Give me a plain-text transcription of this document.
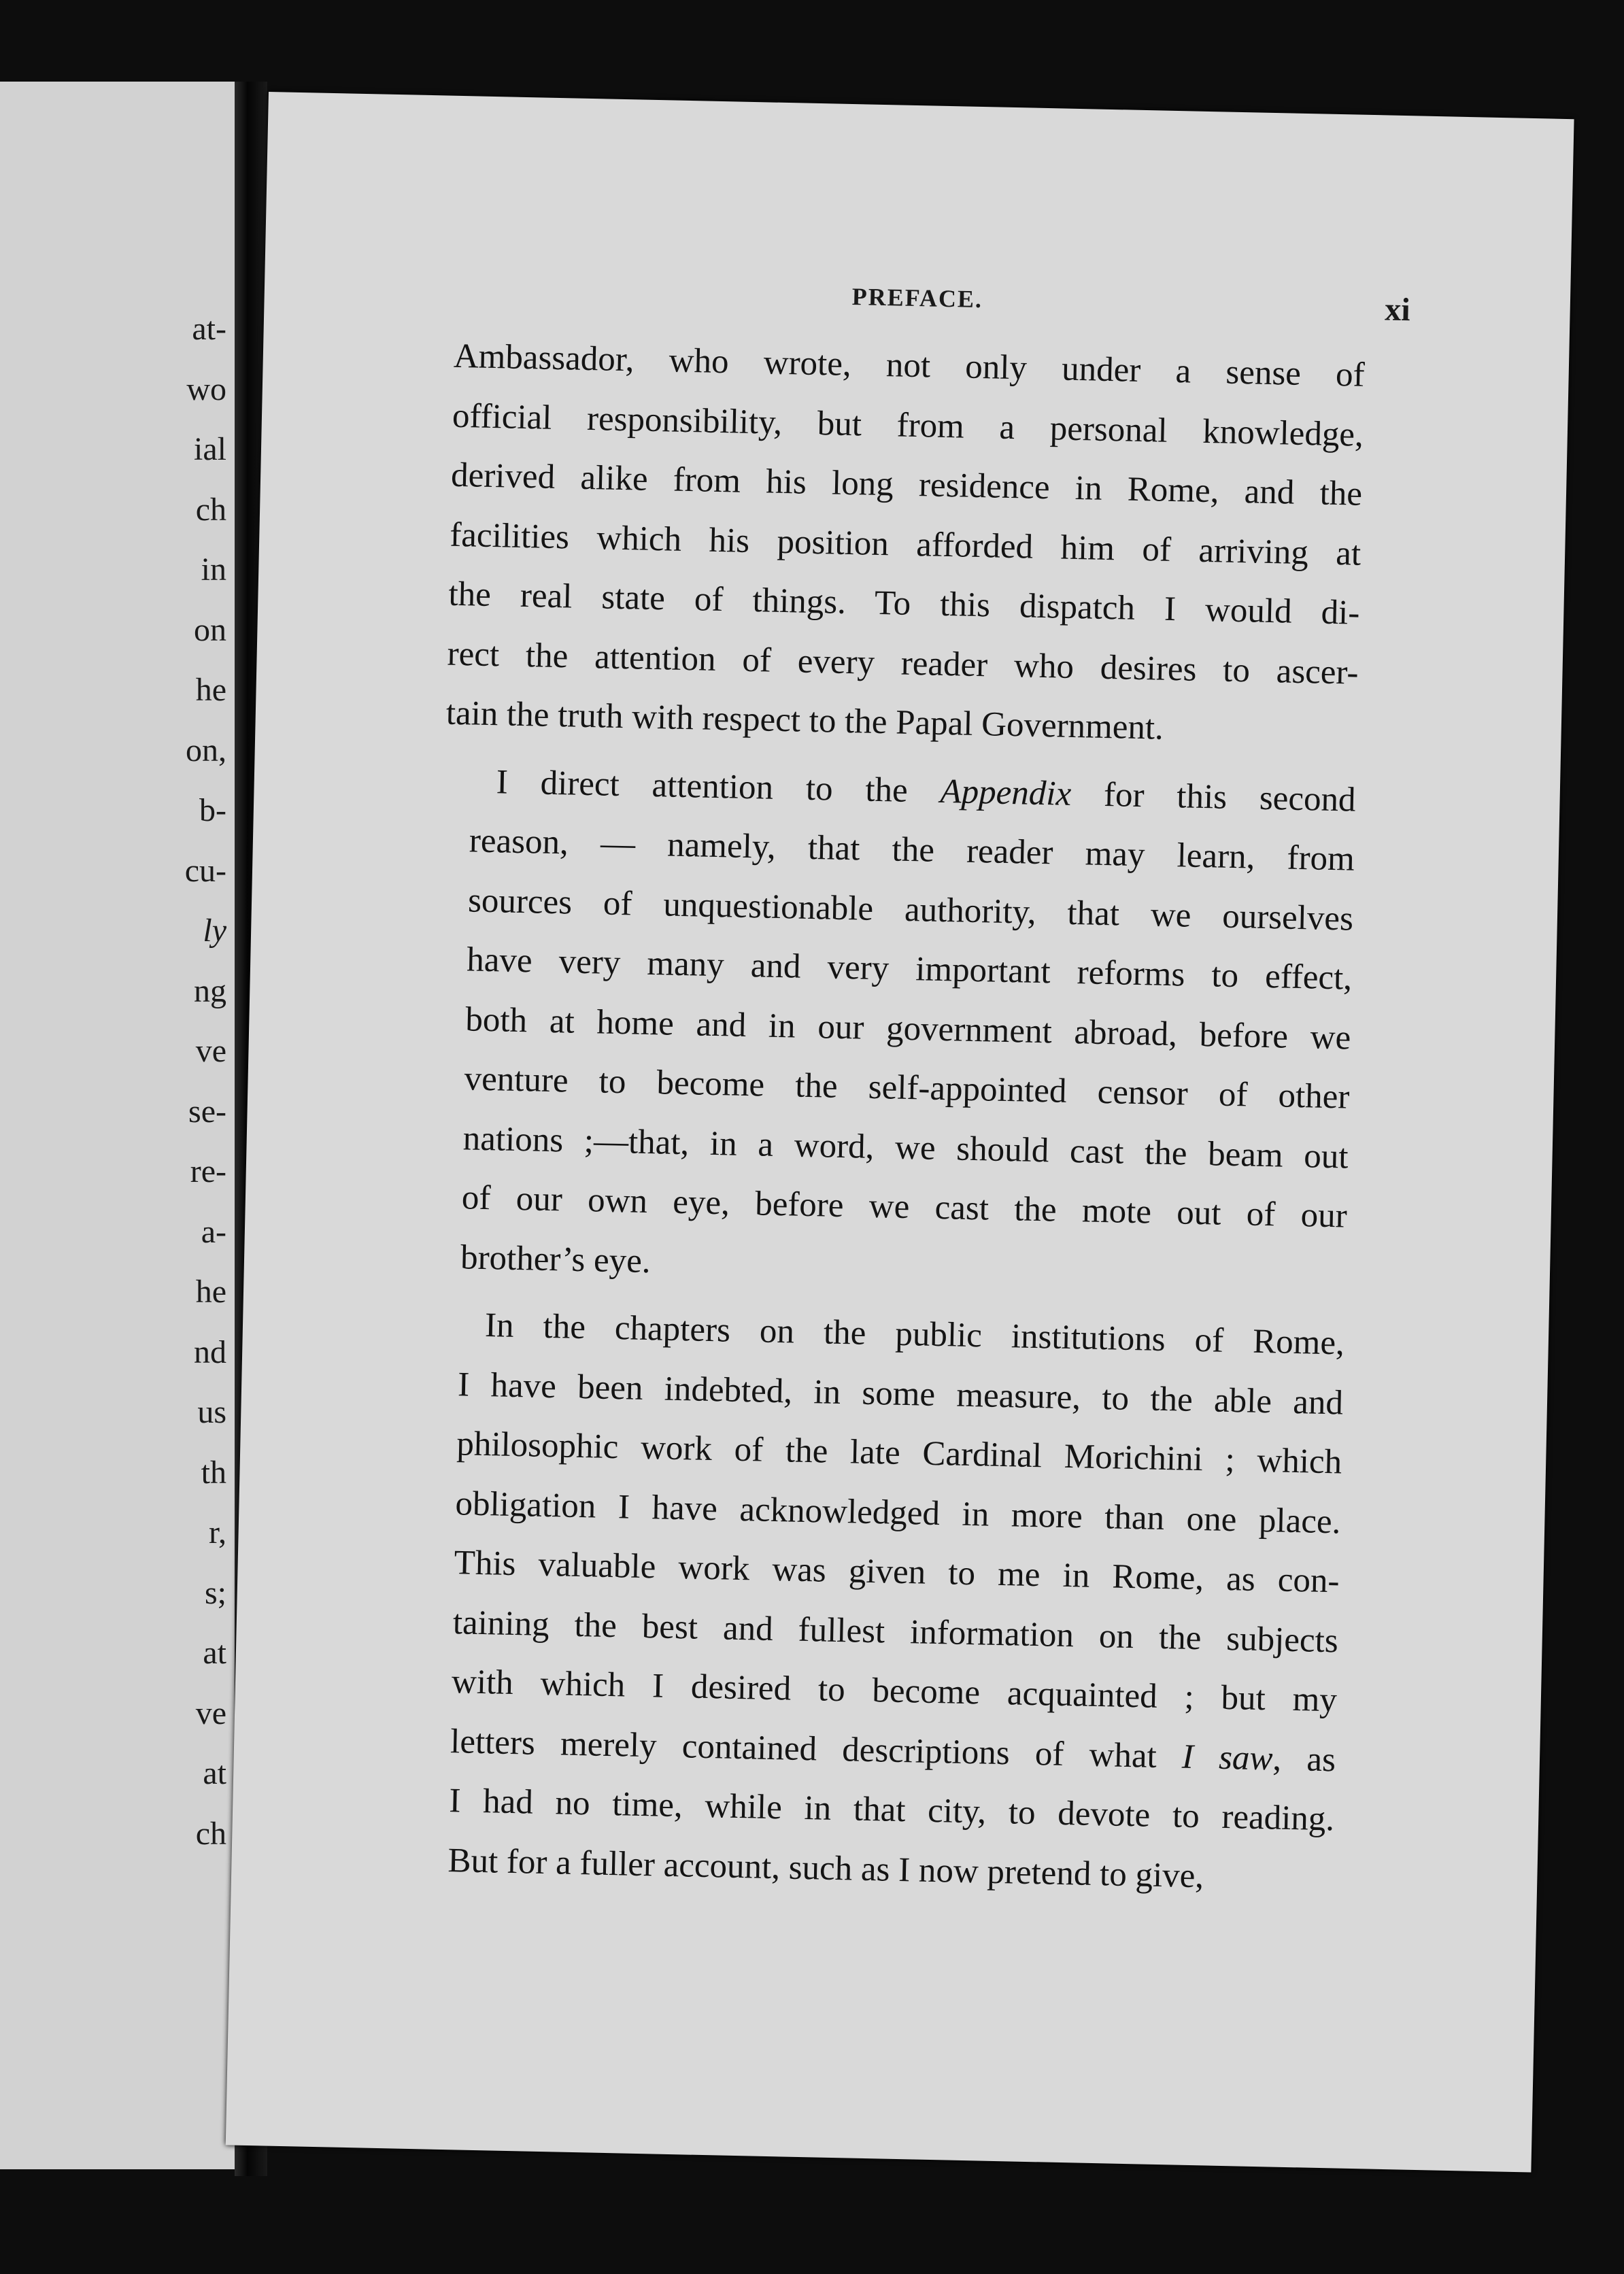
at-
wo
ial
ch
in
on
he
on,
b-
cu-
ly
ng
ve
se-
re-
a-
he
nd
us
th
r,
s;
at
ve
at
ch
PREFACE.	xi

Ambassador, who wrote, not only under a sense of
official responsibility, but from a personal knowledge,
derived alike from his long residence in Rome, and the
facilities which his position afforded him of arriving at
the real state of things. To this dispatch I would di-
rect the attention of every reader who desires to ascer-
tain the truth with respect to the Papal Government.

I direct attention to the Appendix for this second
reason, — namely, that the reader may learn, from
sources of unquestionable authority, that we ourselves
have very many and very important reforms to effect,
both at home and in our government abroad, before we
venture to become the self-appointed censor of other
nations ;—that, in a word, we should cast the beam out
of our own eye, before we cast the mote out of our
brother’s eye.

In the chapters on the public institutions of Rome,
I have been indebted, in some measure, to the able and
philosophic work of the late Cardinal Morichini ; which
obligation I have acknowledged in more than one place.
This valuable work was given to me in Rome, as con-
taining the best and fullest information on the subjects
with which I desired to become acquainted ; but my
letters merely contained descriptions of what I saw, as
I had no time, while in that city, to devote to reading.
But for a fuller account, such as I now pretend to give,
